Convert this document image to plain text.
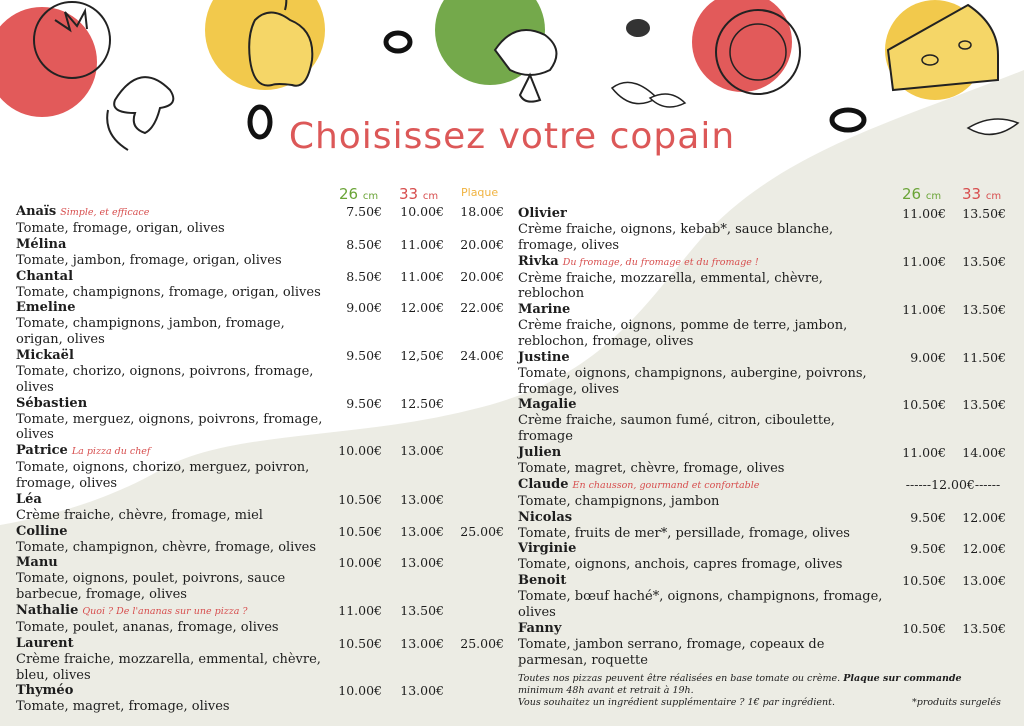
Choisissez votre copain
26 cm 33 cm Plaque	26 cm 33 cm
Anaïs Simple, et efficace
Tomate, fromage, origan, olives
7.50€	10.00€	18.00€
Mélina
Tomate, jambon, fromage, origan, olives
8.50€	11.00€	20.00€
Chantal
Tomate, champignons, fromage, origan, olives
8.50€	11.00€	20.00€
Emeline
Tomate, champignons, jambon, fromage, origan, olives
9.00€	12.00€	22.00€
Mickaël
Tomate, chorizo, oignons, poivrons, fromage, olives
9.50€	12,50€	24.00€
Sébastien
Tomate, merguez, oignons, poivrons, fromage, olives
9.50€	12.50€
Patrice La pizza du chef
Tomate, oignons, chorizo, merguez, poivron, fromage, olives
10.00€	13.00€
Léa
Crème fraiche, chèvre, fromage, miel
10.50€	13.00€
Colline
Tomate, champignon, chèvre, fromage, olives
10.50€	13.00€	25.00€
Manu
Tomate, oignons, poulet, poivrons, sauce barbecue, fromage, olives
10.00€	13.00€
Nathalie Quoi ? De l'ananas sur une pizza ?
Tomate, poulet, ananas, fromage, olives
11.00€	13.50€
Laurent
Crème fraiche, mozzarella, emmental, chèvre, bleu, olives
10.50€	13.00€	25.00€
Thyméo
Tomate, magret, fromage, olives
10.00€	13.00€
Olivier
Crème fraiche, oignons, kebab*, sauce blanche, fromage, olives
11.00€	13.50€
Rivka Du fromage, du fromage et du fromage !
Crème fraiche, mozzarella, emmental, chèvre, reblochon
11.00€	13.50€
Marine
Crème fraiche, oignons, pomme de terre, jambon, reblochon, fromage, olives
11.00€	13.50€
Justine
Tomate, oignons, champignons, aubergine, poivrons, fromage, olives
9.00€	11.50€
Magalie
Crème fraiche, saumon fumé, citron, ciboulette, fromage
10.50€	13.50€
Julien
Tomate, magret, chèvre, fromage, olives
11.00€	14.00€
Claude En chausson, gourmand et confortable
Tomate, champignons, jambon
------12.00€------
Nicolas
Tomate, fruits de mer*, persillade, fromage, olives
9.50€	12.00€
Virginie
Tomate, oignons, anchois, capres fromage, olives
9.50€	12.00€
Benoit
Tomate, bœuf haché*, oignons, champignons, fromage, olives
10.50€	13.00€
Fanny
Tomate, jambon serrano, fromage, copeaux de parmesan, roquette
10.50€	13.50€
Toutes nos pizzas peuvent être réalisées en base tomate ou crème. Plaque sur commande
minimum 48h avant et retrait à 19h.
Vous souhaitez un ingrédient supplémentaire ? 1€ par ingrédient.	*produits surgelés
